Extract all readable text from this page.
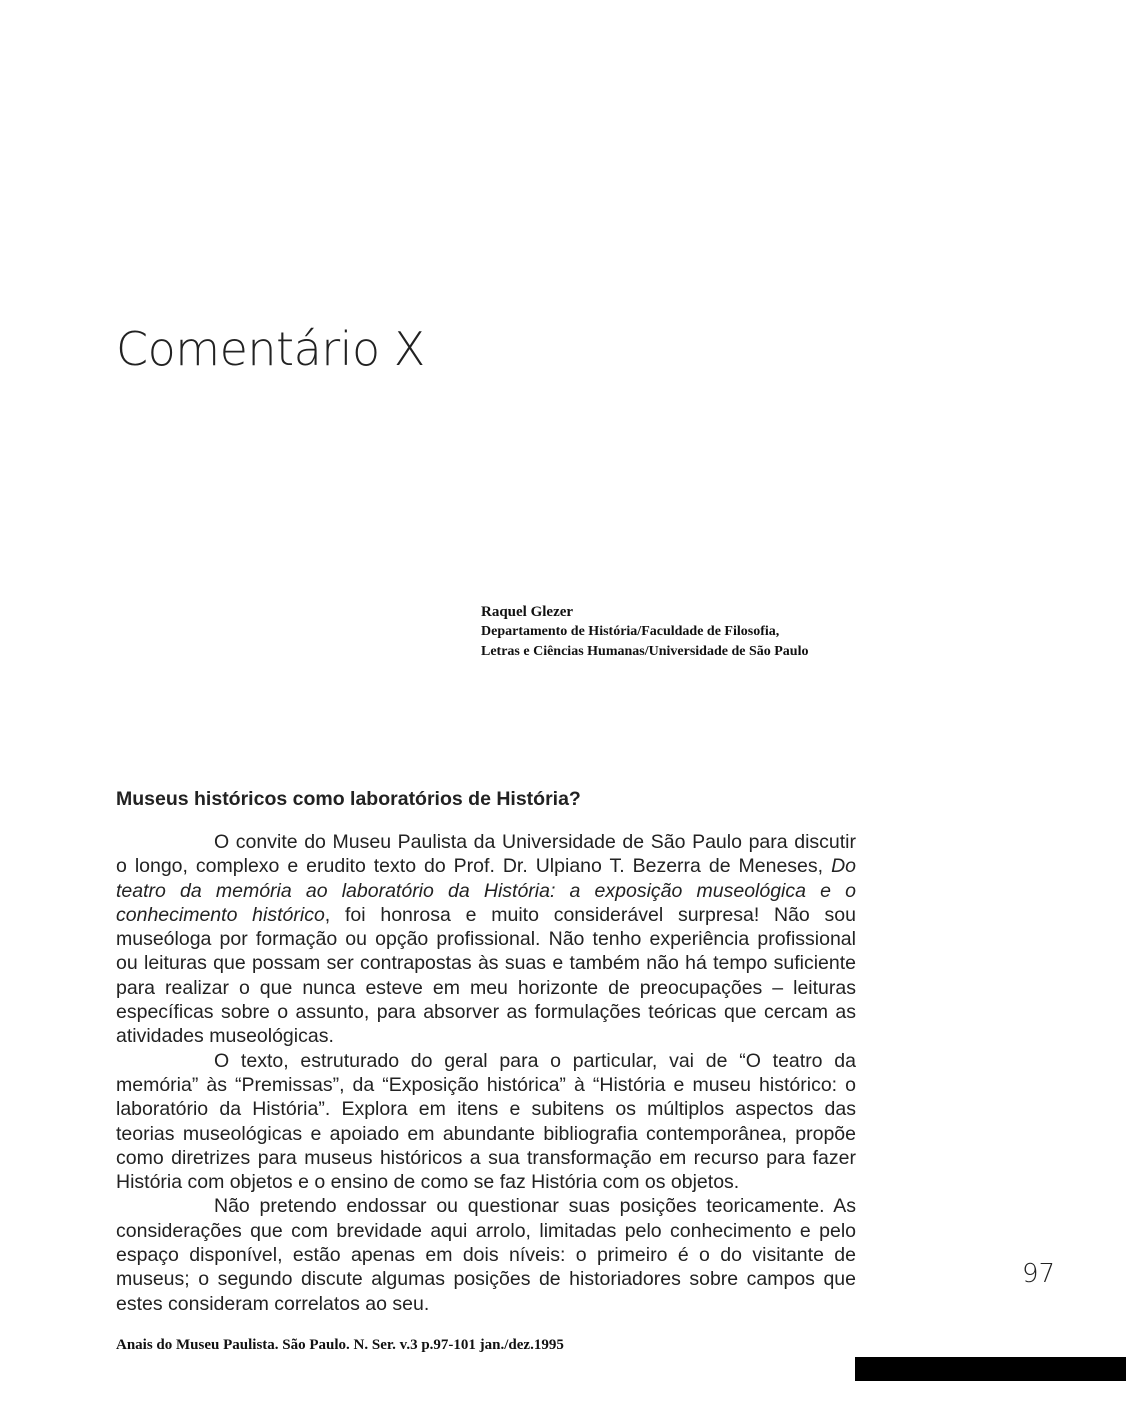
Comentário X
Raquel Glezer
Departamento de História/Faculdade de Filosofia,
Letras e Ciências Humanas/Universidade de São Paulo
Museus históricos como laboratórios de História?

O convite do Museu Paulista da Universidade de São Paulo para discutir o longo, complexo e erudito texto do Prof. Dr. Ulpiano T. Bezerra de Meneses, Do teatro da memória ao laboratório da História: a exposição museológica e o conhecimento histórico, foi honrosa e muito considerável surpresa! Não sou museóloga por formação ou opção profissional. Não tenho experiência profissional ou leituras que possam ser contrapostas às suas e também não há tempo suficiente para realizar o que nunca esteve em meu horizonte de preocupações – leituras específicas sobre o assunto, para absorver as formulações teóricas que cercam as atividades museológicas.

O texto, estruturado do geral para o particular, vai de “O teatro da memória” às “Premissas”, da “Exposição histórica” à “História e museu histórico: o laboratório da História”. Explora em itens e subitens os múltiplos aspectos das teorias museológicas e apoiado em abundante bibliografia contemporânea, propõe como diretrizes para museus históricos a sua transformação em recurso para fazer História com objetos e o ensino de como se faz História com os objetos.

Não pretendo endossar ou questionar suas posições teoricamente. As considerações que com brevidade aqui arrolo, limitadas pelo conhecimento e pelo espaço disponível, estão apenas em dois níveis: o primeiro é o do visitante de museus; o segundo discute algumas posições de historiadores sobre campos que estes consideram correlatos ao seu.

97
Anais do Museu Paulista. São Paulo. N. Ser. v.3 p.97-101 jan./dez.1995
